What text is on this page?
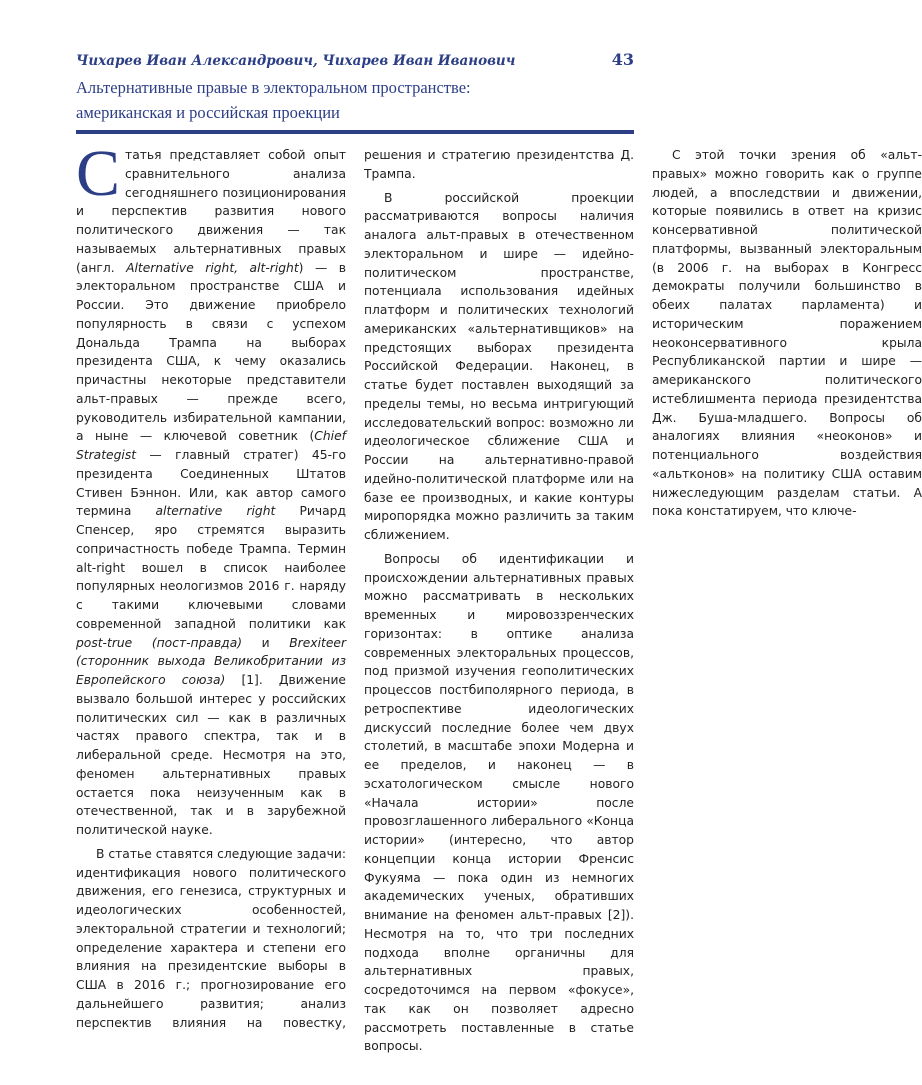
Чихарев Иван Александрович, Чихарев Иван Иванович	43
Альтернативные правые в электоральном пространстве:
американская и российская проекции

Статья представляет собой опыт сравнительного анализа сегодняшнего позиционирования и перспектив развития нового политического движения — так называемых альтернативных правых (англ. Alternative right, alt-right) — в электоральном пространстве США и России. Это движение приобрело популярность в связи с успехом Дональда Трампа на выборах президента США, к чему оказались причастны некоторые представители альт-правых — прежде всего, руководитель избирательной кампании, а ныне — ключевой советник (Chief Strategist — главный стратег) 45-го президента Соединенных Штатов Стивен Бэннон. Или, как автор самого термина alternative right Ричард Спенсер, яро стремятся выразить сопричастность победе Трампа. Термин alt-right вошел в список наиболее популярных неологизмов 2016 г. наряду с такими ключевыми словами современной западной политики как post-true (пост-правда) и Brexiteer (сторонник выхода Великобритании из Европейского союза) [1]. Движение вызвало большой интерес у российских политических сил — как в различных частях правого спектра, так и в либеральной среде. Несмотря на это, феномен альтернативных правых остается пока неизученным как в отечественной, так и в зарубежной политической науке.

В статье ставятся следующие задачи: идентификация нового политического движения, его генезиса, структурных и идеологических особенностей, электоральной стратегии и технологий; определение характера и степени его влияния на президентские выборы в США в 2016 г.; прогнозирование его дальнейшего развития; анализ перспектив влияния на повестку, решения и стратегию президентства Д. Трампа.

В российской проекции рассматриваются вопросы наличия аналога альт-правых в отечественном электоральном и шире — идейно-политическом пространстве, потенциала использования идейных платформ и политических технологий американских «альтернативщиков» на предстоящих выборах президента Российской Федерации. Наконец, в статье будет поставлен выходящий за пределы темы, но весьма интригующий исследовательский вопрос: возможно ли идеологическое сближение США и России на альтернативно-правой идейно-политической платформе или на базе ее производных, и какие контуры миропорядка можно различить за таким сближением.

Вопросы об идентификации и происхождении альтернативных правых можно рассматривать в нескольких временных и мировоззренческих горизонтах: в оптике анализа современных электоральных процессов, под призмой изучения геополитических процессов постбиполярного периода, в ретроспективе идеологических дискуссий последние более чем двух столетий, в масштабе эпохи Модерна и ее пределов, и наконец — в эсхатологическом смысле нового «Начала истории» после провозглашенного либерального «Конца истории» (интересно, что автор концепции конца истории Френсис Фукуяма — пока один из немногих академических ученых, обративших внимание на феномен альт-правых [2]). Несмотря на то, что три последних подхода вполне органичны для альтернативных правых, сосредоточимся на первом «фокусе», так как он позволяет адресно рассмотреть поставленные в статье вопросы.

С этой точки зрения об «альт-правых» можно говорить как о группе людей, а впоследствии и движении, которые появились в ответ на кризис консервативной политической платформы, вызванный электоральным (в 2006 г. на выборах в Конгресс демократы получили большинство в обеих палатах парламента) и историческим поражением неоконсервативного крыла Республиканской партии и шире — американского политического истеблишмента периода президентства Дж. Буша-младшего. Вопросы об аналогиях влияния «неоконов» и потенциального воздействия «альтконов» на политику США оставим нижеследующим разделам статьи. А пока констатируем, что ключе-
